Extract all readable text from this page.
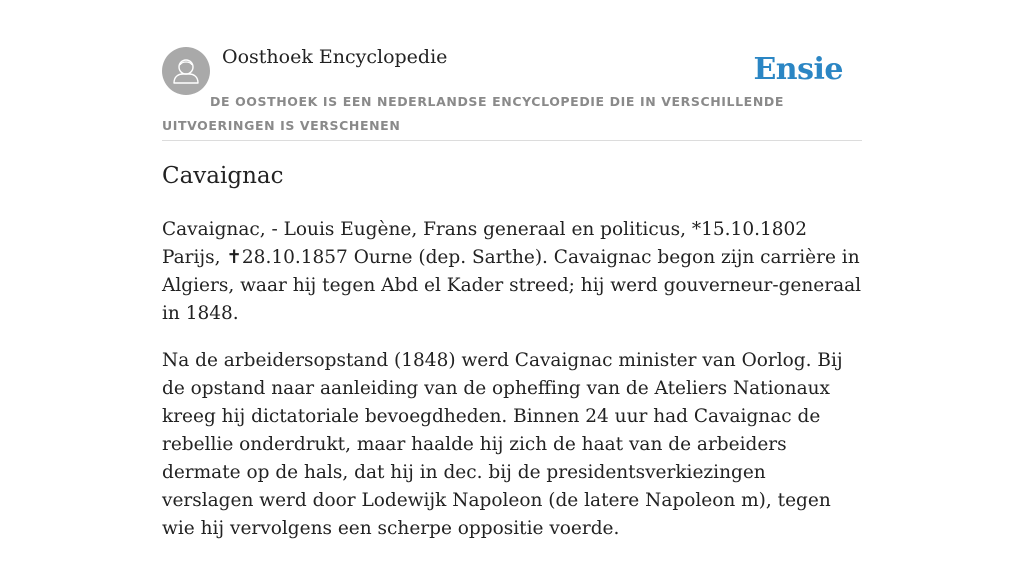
Oosthoek Encyclopedie	Ensie
DE OOSTHOEK IS EEN NEDERLANDSE ENCYCLOPEDIE DIE IN VERSCHILLENDE UITVOERINGEN IS VERSCHENEN
Cavaignac

Cavaignac, - Louis Eugène, Frans generaal en politicus, *15.10.1802 Parijs, ✝28.10.1857 Ourne (dep. Sarthe). Cavaignac begon zijn carrière in Algiers, waar hij tegen Abd el Kader streed; hij werd gouverneur-generaal in 1848.

Na de arbeidersopstand (1848) werd Cavaignac minister van Oorlog. Bij de opstand naar aanleiding van de opheffing van de Ateliers Nationaux kreeg hij dictatoriale bevoegdheden. Binnen 24 uur had Cavaignac de rebellie onderdrukt, maar haalde hij zich de haat van de arbeiders dermate op de hals, dat hij in dec. bij de presidentsverkiezingen verslagen werd door Lodewijk Napoleon (de latere Napoleon m), tegen wie hij vervolgens een scherpe oppositie voerde.
